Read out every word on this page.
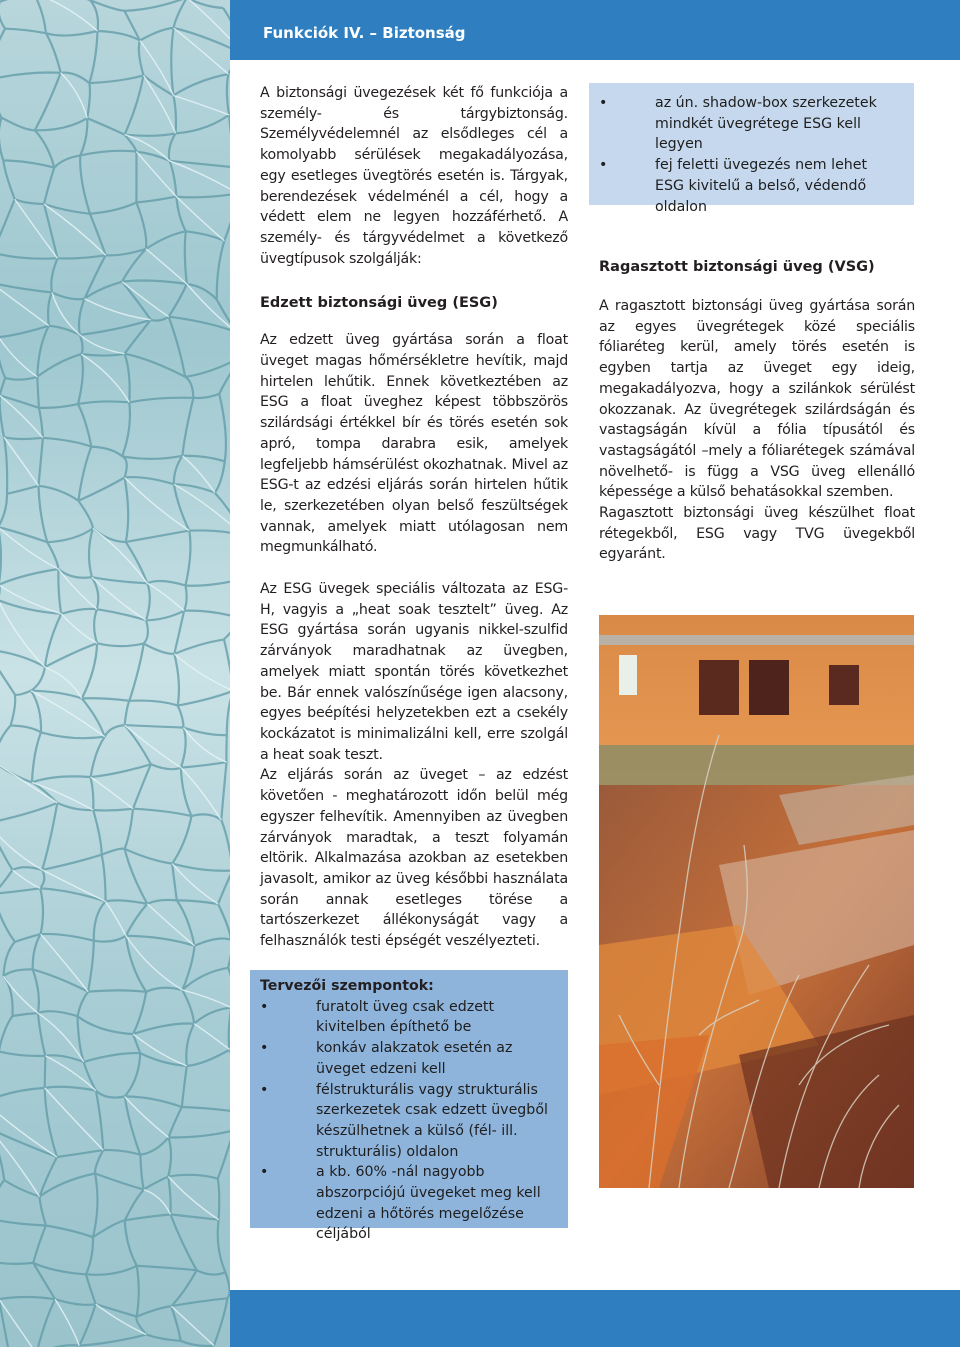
Funkciók IV. – Biztonság

A biztonsági üvegezések két fő funkciója a személy- és tárgybiztonság. Személyvédelemnél az elsődleges cél a komolyabb sérülések megakadályozása, egy esetleges üvegtörés esetén is. Tárgyak, berendezések védelménél a cél, hogy a védett elem ne legyen hozzáférhető. A személy- és tárgyvédelmet a következő üvegtípusok szolgálják:

Edzett biztonsági üveg (ESG)

Az edzett üveg gyártása során a float üveget magas hőmérsékletre hevítik, majd hirtelen lehűtik. Ennek következtében az ESG a float üveghez képest többszörös szilárdsági értékkel bír és törés esetén sok apró, tompa darabra esik, amelyek legfeljebb hámsérülést okozhatnak. Mivel az ESG-t az edzési eljárás során hirtelen hűtik le, szerkezetében olyan belső feszültségek vannak, amelyek miatt utólagosan nem megmunkálható.

Az ESG üvegek speciális változata az ESG-H, vagyis a „heat soak tesztelt” üveg. Az ESG gyártása során ugyanis nikkel-szulfid zárványok maradhatnak az üvegben, amelyek miatt spontán törés következhet be. Bár ennek valószínűsége igen alacsony, egyes beépítési helyzetekben ezt a csekély kockázatot is minimalizálni kell, erre szolgál a heat soak teszt.

Az eljárás során az üveget – az edzést követően - meghatározott időn belül még egyszer felhevítik. Amennyiben az üvegben zárványok maradtak, a teszt folyamán eltörik. Alkalmazása azokban az esetekben javasolt, amikor az üveg későbbi használata során annak esetleges törése a tartószerkezet állékonyságát vagy a felhasználók testi épségét veszélyezteti.

Tervezői szempontok:
•	furatolt üveg csak edzett kivitelben építhető be
•	konkáv alakzatok esetén az üveget edzeni kell
•	félstrukturális vagy strukturális szerkezetek csak edzett üvegből készülhetnek a külső (fél- ill. strukturális) oldalon
•	a kb. 60% -nál nagyobb abszorpciójú üvegeket meg kell edzeni a hőtörés megelőzése céljából
•	az ún. shadow-box szerkezetek mindkét üvegrétege ESG kell legyen
•	fej feletti üvegezés nem lehet ESG kivitelű a belső, védendő oldalon

Ragasztott biztonsági üveg (VSG)

A ragasztott biztonsági üveg gyártása során az egyes üvegrétegek közé speciális fóliaréteg kerül, amely törés esetén is egyben tartja az üveget egy ideig, megakadályozva, hogy a szilánkok sérülést okozzanak. Az üvegrétegek szilárdságán és vastagságán kívül a fólia típusától és vastagságától –mely a fóliarétegek számával növelhető- is függ a VSG üveg ellenálló képessége a külső behatásokkal szemben.

Ragasztott biztonsági üveg készülhet float rétegekből, ESG vagy TVG üvegekből egyaránt.
